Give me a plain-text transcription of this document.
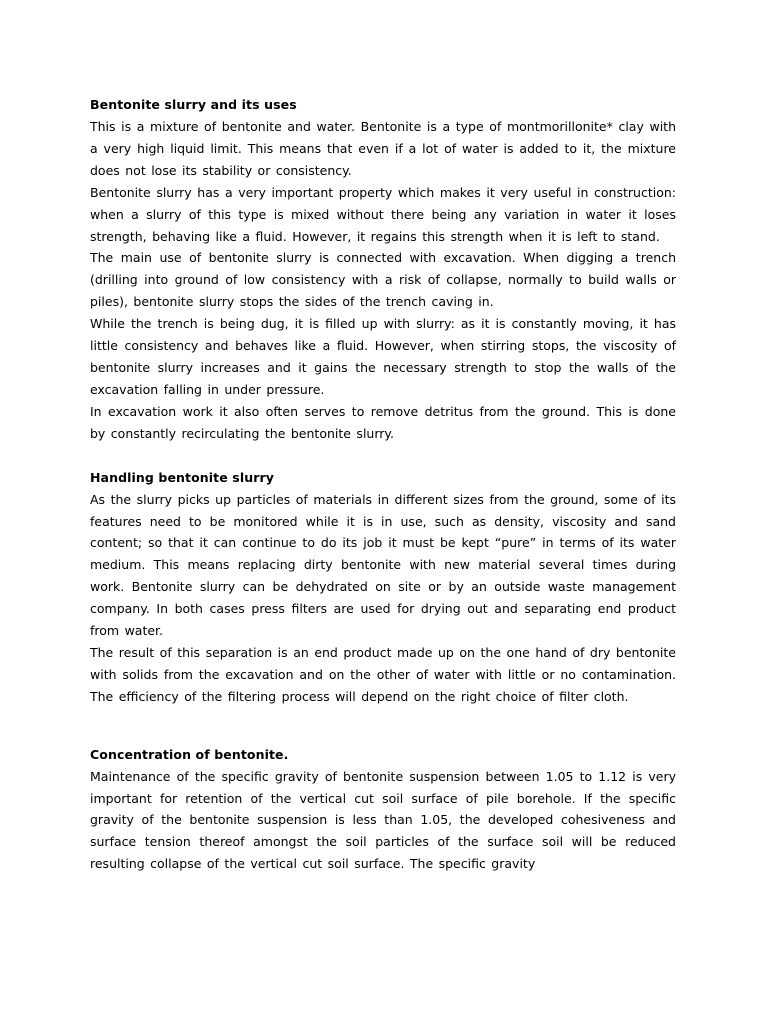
Bentonite slurry and its uses

This is a mixture of bentonite and water. Bentonite is a type of montmorillonite* clay with a very high liquid limit. This means that even if a lot of water is added to it, the mixture does not lose its stability or consistency.

Bentonite slurry has a very important property which makes it very useful in construction: when a slurry of this type is mixed without there being any variation in water it loses strength, behaving like a fluid. However, it regains this strength when it is left to stand.

The main use of bentonite slurry is connected with excavation. When digging a trench (drilling into ground of low consistency with a risk of collapse, normally to build walls or piles), bentonite slurry stops the sides of the trench caving in.

While the trench is being dug, it is filled up with slurry: as it is constantly moving, it has little consistency and behaves like a fluid. However, when stirring stops, the viscosity of bentonite slurry increases and it gains the necessary strength to stop the walls of the excavation falling in under pressure.

In excavation work it also often serves to remove detritus from the ground. This is done by constantly recirculating the bentonite slurry.

Handling bentonite slurry

As the slurry picks up particles of materials in different sizes from the ground, some of its features need to be monitored while it is in use, such as density, viscosity and sand content; so that it can continue to do its job it must be kept “pure” in terms of its water medium. This means replacing dirty bentonite with new material several times during work. Bentonite slurry can be dehydrated on site or by an outside waste management company. In both cases press filters are used for drying out and separating end product from water.

The result of this separation is an end product made up on the one hand of dry bentonite with solids from the excavation and on the other of water with little or no contamination. The efficiency of the filtering process will depend on the right choice of filter cloth.

Concentration of bentonite.

Maintenance of the specific gravity of bentonite suspension between 1.05 to 1.12 is very important for retention of the vertical cut soil surface of pile borehole. If the specific gravity of the bentonite suspension is less than 1.05, the developed cohesiveness and surface tension thereof amongst the soil particles of the surface soil will be reduced resulting collapse of the vertical cut soil surface. The specific gravity
